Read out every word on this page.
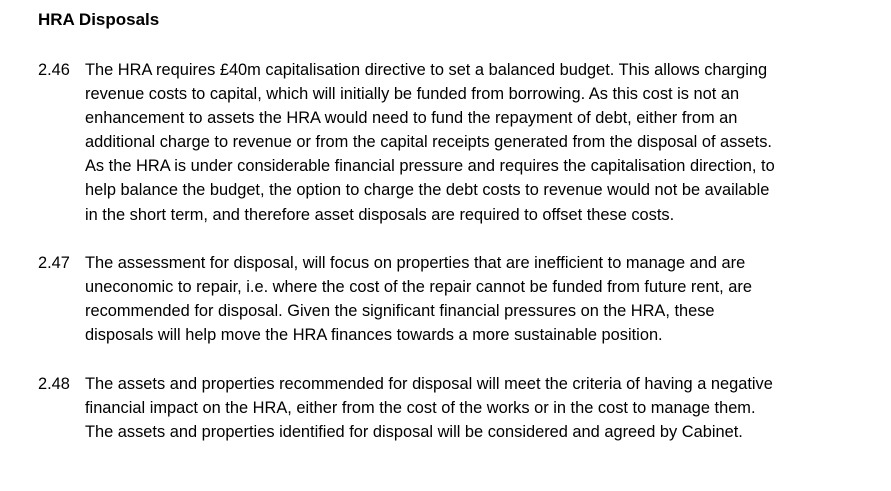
HRA Disposals
2.46 The HRA requires £40m capitalisation directive to set a balanced budget. This allows charging
revenue costs to capital, which will initially be funded from borrowing. As this cost is not an
enhancement to assets the HRA would need to fund the repayment of debt, either from an
additional charge to revenue or from the capital receipts generated from the disposal of assets.
As the HRA is under considerable financial pressure and requires the capitalisation direction, to
help balance the budget, the option to charge the debt costs to revenue would not be available
in the short term, and therefore asset disposals are required to offset these costs.
2.47 The assessment for disposal, will focus on properties that are inefficient to manage and are
uneconomic to repair, i.e. where the cost of the repair cannot be funded from future rent, are
recommended for disposal. Given the significant financial pressures on the HRA, these
disposals will help move the HRA finances towards a more sustainable position.
2.48 The assets and properties recommended for disposal will meet the criteria of having a negative
financial impact on the HRA, either from the cost of the works or in the cost to manage them.
The assets and properties identified for disposal will be considered and agreed by Cabinet.
